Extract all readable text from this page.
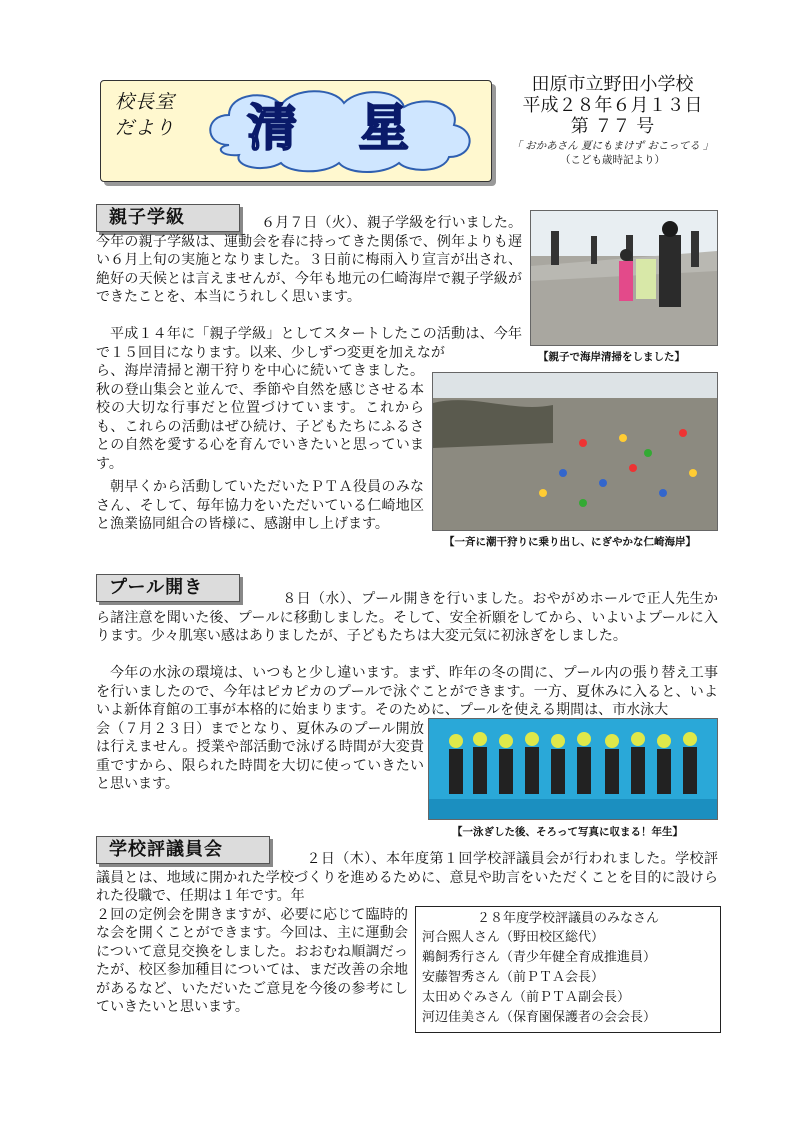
校長室
だより	清 星
田原市立野田小学校
平成２８年６月１３日
第 ７７ 号
「 おかあさん 夏にもまけず おこってる 」
（こども歳時記より）
親子学級	６月７日（火）、親子学級を行いました。今年の親子学級は、運動会を春に持ってきた関係で、例年よりも遅い６月上旬の実施となりました。３日前に梅雨入り宣言が出され、絶好の天候とは言えませんが、今年も地元の仁崎海岸で親子学級ができたことを、本当にうれしく思います。

【親子で海岸清掃をしました】

平成１４年に「親子学級」としてスタートしたこの活動は、今年で１５回目になります。以来、少しずつ変更を加えなが

ら、海岸清掃と潮干狩りを中心に続いてきました。秋の登山集会と並んで、季節や自然を感じさせる本校の大切な行事だと位置づけています。これからも、これらの活動はぜひ続け、子どもたちにふるさとの自然を愛する心を育んでいきたいと思っています。

【一斉に潮干狩りに乗り出し、にぎやかな仁崎海岸】

朝早くから活動していただいたＰＴＡ役員のみなさん、そして、毎年協力をいただいている仁崎地区と漁業協同組合の皆様に、感謝申し上げます。

プール開き

８日（水）、プール開きを行いました。おやがめホールで正人先生から諸注意を聞いた後、プールに移動しました。そして、安全祈願をしてから、いよいよプールに入ります。少々肌寒い感はありましたが、子どもたちは大変元気に初泳ぎをしました。

【一泳ぎした後、そろって写真に収まる！年生】

今年の水泳の環境は、いつもと少し違います。まず、昨年の冬の間に、プール内の張り替え工事を行いましたので、今年はピカピカのプールで泳ぐことができます。一方、夏休みに入ると、いよいよ新体育館の工事が本格的に始まります。そのために、プールを使える期間は、市水泳大

会（７月２３日）までとなり、夏休みのプール開放は行えません。授業や部活動で泳げる時間が大変貴重ですから、限られた時間を大切に使っていきたいと思います。

学校評議員会	２日（木）、本年度第１回学校評議員会が行われました。学校評議員とは、地域に開かれた学校づくりを進めるために、意見や助言をいただくことを目的に設けられた役職で、任期は１年です。年

２回の定例会を開きますが、必要に応じて臨時的な会を開くことができます。今回は、主に運動会について意見交換をしました。おおむね順調だったが、校区参加種目については、まだ改善の余地があるなど、いただいたご意見を今後の参考にしていきたいと思います。

２８年度学校評議員のみなさん
河合熙人さん（野田校区総代）
鵜飼秀行さん（青少年健全育成推進員）
安藤智秀さん（前ＰＴＡ会長）
太田めぐみさん（前ＰＴＡ副会長）
河辺佳美さん（保育園保護者の会会長）
